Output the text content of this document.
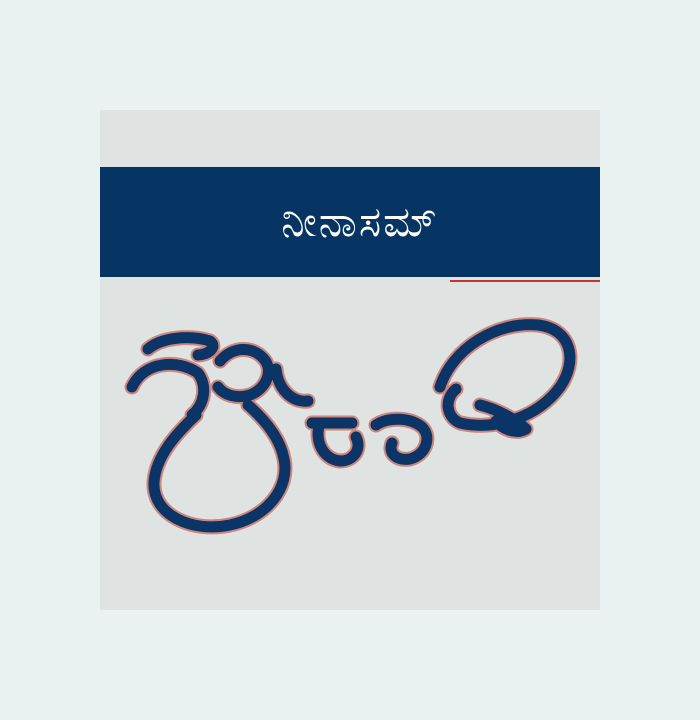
ನೀನಾಸಮ್
